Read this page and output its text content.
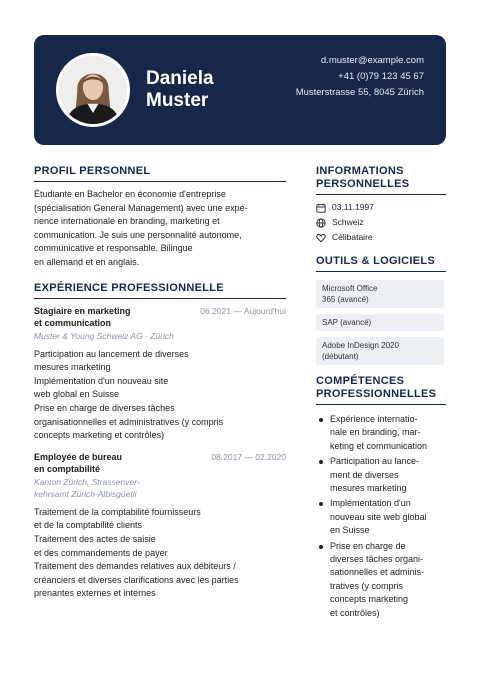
Daniela
Muster
d.muster@example.com
+41 (0)79 123 45 67
Musterstrasse 55, 8045 Zürich
PROFIL PERSONNEL
Étudiante en Bachelor en économie d'entreprise
(spécialisation General Management) avec une expé-
rience internationale en branding, marketing et
communication. Je suis une personnalité autonome,
communicative et responsable. Bilingue
en allemand et en anglais.
EXPÉRIENCE PROFESSIONNELLE
Stagiaire en marketing
et communication
06.2021 — Aujourd'hui
Muster & Young Schweiz AG · Zürich
Participation au lancement de diverses
mesures marketing
Implémentation d'un nouveau site
web global en Suisse
Prise en charge de diverses tâches
organisationnelles et administratives (y compris
concepts marketing et contrôles)
Employée de bureau
en comptabilité
08.2017 — 02.2020
Kanton Zürich, Strassenver-
kehrsamt Zürich-Albisgüetli
Traitement de la comptabilité fournisseurs
et de la comptabilité clients
Traitement des actes de saisie
et des commandements de payer
Traitement des demandes relatives aux débiteurs /
créanciers et diverses clarifications avec les parties
prenantes externes et internes
INFORMATIONS
PERSONNELLES
03.11.1997
Schweiz
Célibataire
OUTILS & LOGICIELS
Microsoft Office
365 (avancé)
SAP (avancé)
Adobe InDesign 2020
(débutant)
COMPÉTENCES
PROFESSIONNELLES
Expérience internatio-
nale en branding, mar-
keting et communication
Participation au lance-
ment de diverses
mesures marketing
Implémentation d'un
nouveau site web global
en Suisse
Prise en charge de
diverses tâches organi-
sationnelles et adminis-
tratives (y compris
concepts marketing
et contrôles)
